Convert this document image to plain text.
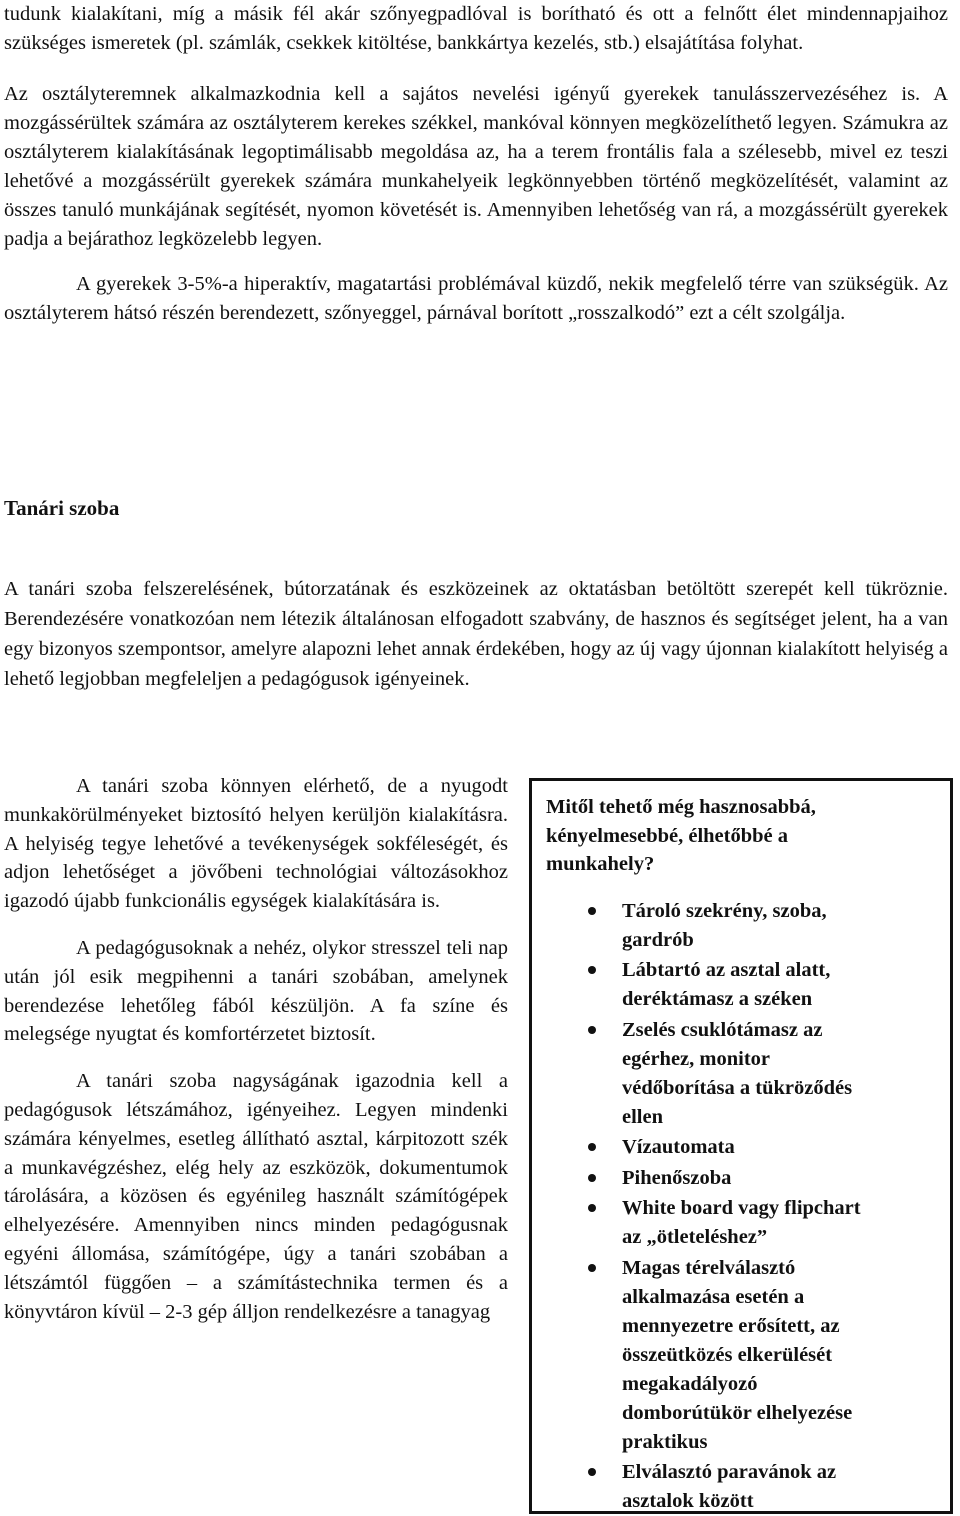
tudunk kialakítani, míg a másik fél akár szőnyegpadlóval is borítható és ott a felnőtt élet mindennapjaihoz szükséges ismeretek (pl. számlák, csekkek kitöltése, bankkártya kezelés, stb.) elsajátítása folyhat.

Az osztályteremnek alkalmazkodnia kell a sajátos nevelési igényű gyerekek tanulásszervezéséhez is. A mozgássérültek számára az osztályterem kerekes székkel, mankóval könnyen megközelíthető legyen. Számukra az osztályterem kialakításának legoptimálisabb megoldása az, ha a terem frontális fala a szélesebb, mivel ez teszi lehetővé a mozgássérült gyerekek számára munkahelyeik legkönnyebben történő megközelítését, valamint az összes tanuló munkájának segítését, nyomon követését is. Amennyiben lehetőség van rá, a mozgássérült gyerekek padja a bejárathoz legközelebb legyen.

A gyerekek 3-5%-a hiperaktív, magatartási problémával küzdő, nekik megfelelő térre van szükségük. Az osztályterem hátsó részén berendezett, szőnyeggel, párnával borított „rosszalkodó” ezt a célt szolgálja.

Tanári szoba

A tanári szoba felszerelésének, bútorzatának és eszközeinek az oktatásban betöltött szerepét kell tükröznie. Berendezésére vonatkozóan nem létezik általánosan elfogadott szabvány, de hasznos és segítséget jelent, ha a van egy bizonyos szempontsor, amelyre alapozni lehet annak érdekében, hogy az új vagy újonnan kialakított helyiség a lehető legjobban megfeleljen a pedagógusok igényeinek.

A tanári szoba könnyen elérhető, de a nyugodt munkakörülményeket biztosító helyen kerüljön kialakításra. A helyiség tegye lehetővé a tevékenységek sokféleségét, és adjon lehetőséget a jövőbeni technológiai változásokhoz igazodó újabb funkcionális egységek kialakítására is.

A pedagógusoknak a nehéz, olykor stresszel teli nap után jól esik megpihenni a tanári szobában, amelynek berendezése lehetőleg fából készüljön. A fa színe és melegsége nyugtat és komfortérzetet biztosít.

A tanári szoba nagyságának igazodnia kell a pedagógusok létszámához, igényeihez. Legyen mindenki számára kényelmes, esetleg állítható asztal, kárpitozott szék a munkavégzéshez, elég hely az eszközök, dokumentumok tárolására, a közösen és egyénileg használt számítógépek elhelyezésére. Amennyiben nincs minden pedagógusnak egyéni állomása, számítógépe, úgy a tanári szobában a létszámtól függően – a számítástechnika termen és a könyvtáron kívül – 2-3 gép álljon rendelkezésre a tanagyag

Mitől tehető még hasznosabbá, kényelmesebbé, élhetőbbé a munkahely?
Tároló szekrény, szoba, gardrób
Lábtartó az asztal alatt, deréktámasz a széken
Zselés csuklótámasz az egérhez, monitor védőborítása a tükröződés ellen
Vízautomata
Pihenőszoba
White board vagy flipchart az „ötleteléshez”
Magas térelválasztó alkalmazása esetén a mennyezetre erősített, az összeütközés elkerülését megakadályozó domborútükör elhelyezése praktikus
Elválasztó paravánok az asztalok között
